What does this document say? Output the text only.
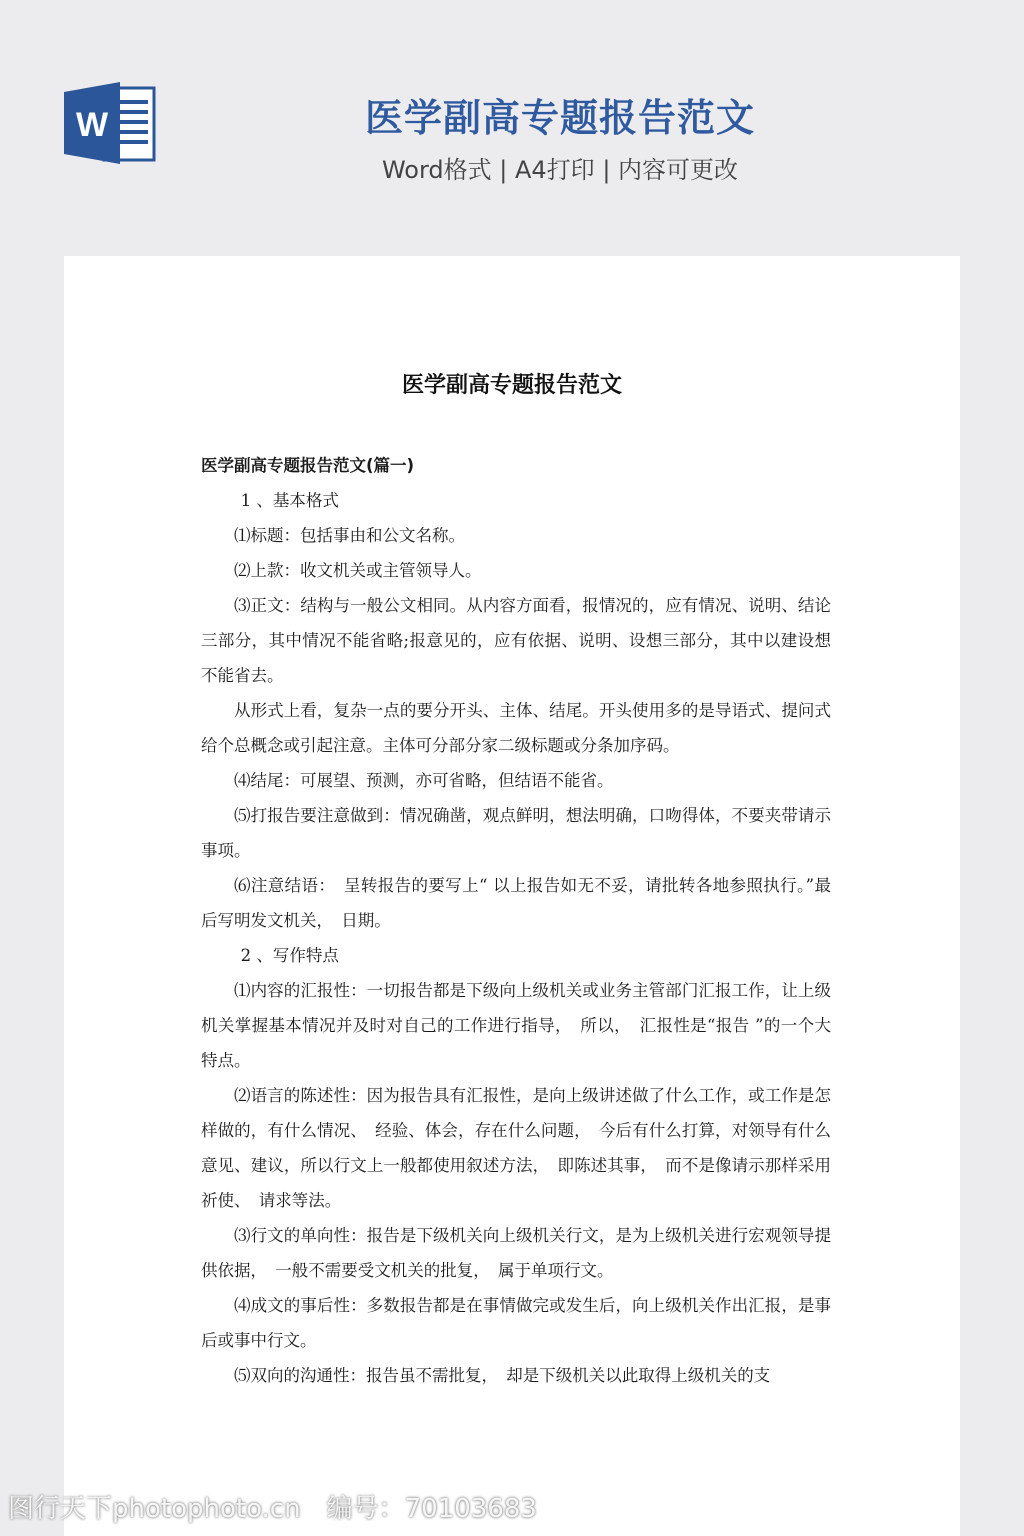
W	医学副高专题报告范文
Word格式 | A4打印 | 内容可更改
医学副高专题报告范文

医学副高专题报告范文(篇一)

1 、基本格式

⑴标题：包括事由和公文名称。

⑵上款：收文机关或主管领导人。

⑶正文：结构与一般公文相同。从内容方面看，报情况的，应有情况、说明、结论三部分，其中情况不能省略;报意见的，应有依据、说明、设想三部分，其中以建设想不能省去。

从形式上看，复杂一点的要分开头、主体、结尾。开头使用多的是导语式、提问式给个总概念或引起注意。主体可分部分家二级标题或分条加序码。

⑷结尾：可展望、预测，亦可省略，但结语不能省。

⑸打报告要注意做到：情况确凿，观点鲜明，想法明确，口吻得体，不要夹带请示事项。

⑹注意结语：　呈转报告的要写上“ 以上报告如无不妥，请批转各地参照执行。”最后写明发文机关，　日期。

2 、写作特点

⑴内容的汇报性：一切报告都是下级向上级机关或业务主管部门汇报工作，让上级机关掌握基本情况并及时对自己的工作进行指导，　所以，　汇报性是“报告 ”的一个大特点。

⑵语言的陈述性：因为报告具有汇报性，是向上级讲述做了什么工作，或工作是怎样做的，有什么情况、　经验、体会，存在什么问题，　今后有什么打算，对领导有什么意见、建议，所以行文上一般都使用叙述方法，　即陈述其事，　而不是像请示那样采用祈使、　请求等法。

⑶行文的单向性：报告是下级机关向上级机关行文，是为上级机关进行宏观领导提供依据，　一般不需要受文机关的批复，　属于单项行文。

⑷成文的事后性：多数报告都是在事情做完或发生后，向上级机关作出汇报，是事后或事中行文。

⑸双向的沟通性：报告虽不需批复，　却是下级机关以此取得上级机关的支

图行天下photophoto.cn　编号：70103683
